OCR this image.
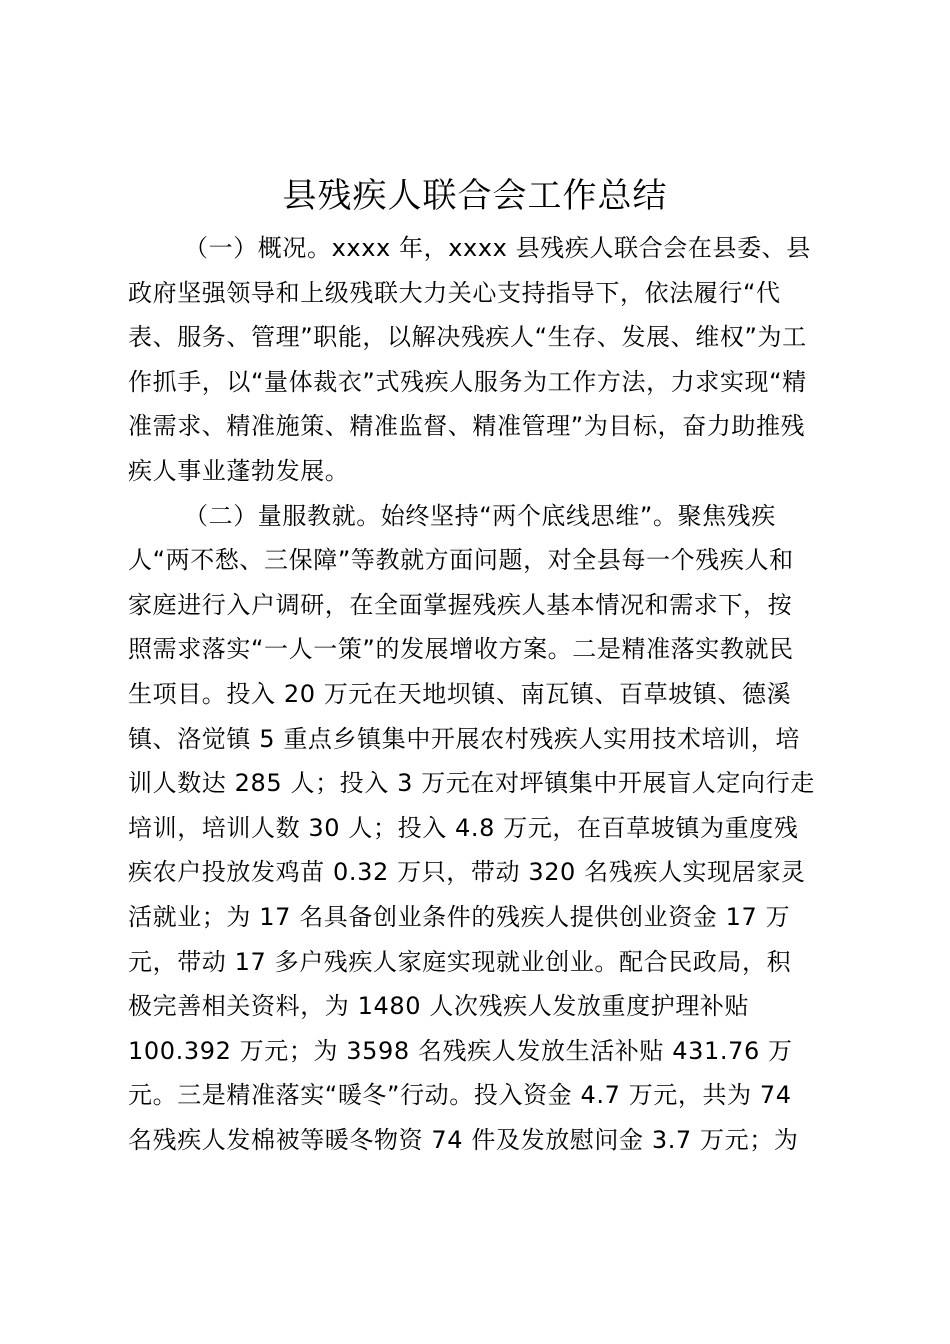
县残疾人联合会工作总结
（一）概况。xxxx 年，xxxx 县残疾人联合会在县委、县
政府坚强领导和上级残联大力关心支持指导下，依法履行“代
表、服务、管理”职能，以解决残疾人“生存、发展、维权”为工
作抓手，以“量体裁衣”式残疾人服务为工作方法，力求实现“精
准需求、精准施策、精准监督、精准管理”为目标，奋力助推残
疾人事业蓬勃发展。
（二）量服教就。始终坚持“两个底线思维”。聚焦残疾
人“两不愁、三保障”等教就方面问题，对全县每一个残疾人和
家庭进行入户调研，在全面掌握残疾人基本情况和需求下，按
照需求落实“一人一策”的发展增收方案。二是精准落实教就民
生项目。投入 20 万元在天地坝镇、南瓦镇、百草坡镇、德溪
镇、洛觉镇 5 重点乡镇集中开展农村残疾人实用技术培训，培
训人数达 285 人；投入 3 万元在对坪镇集中开展盲人定向行走
培训，培训人数 30 人；投入 4.8 万元，在百草坡镇为重度残
疾农户投放发鸡苗 0.32 万只，带动 320 名残疾人实现居家灵
活就业；为 17 名具备创业条件的残疾人提供创业资金 17 万
元，带动 17 多户残疾人家庭实现就业创业。配合民政局，积
极完善相关资料，为 1480 人次残疾人发放重度护理补贴
100.392 万元；为 3598 名残疾人发放生活补贴 431.76 万
元。三是精准落实“暖冬”行动。投入资金 4.7 万元，共为 74
名残疾人发棉被等暖冬物资 74 件及发放慰问金 3.7 万元；为
